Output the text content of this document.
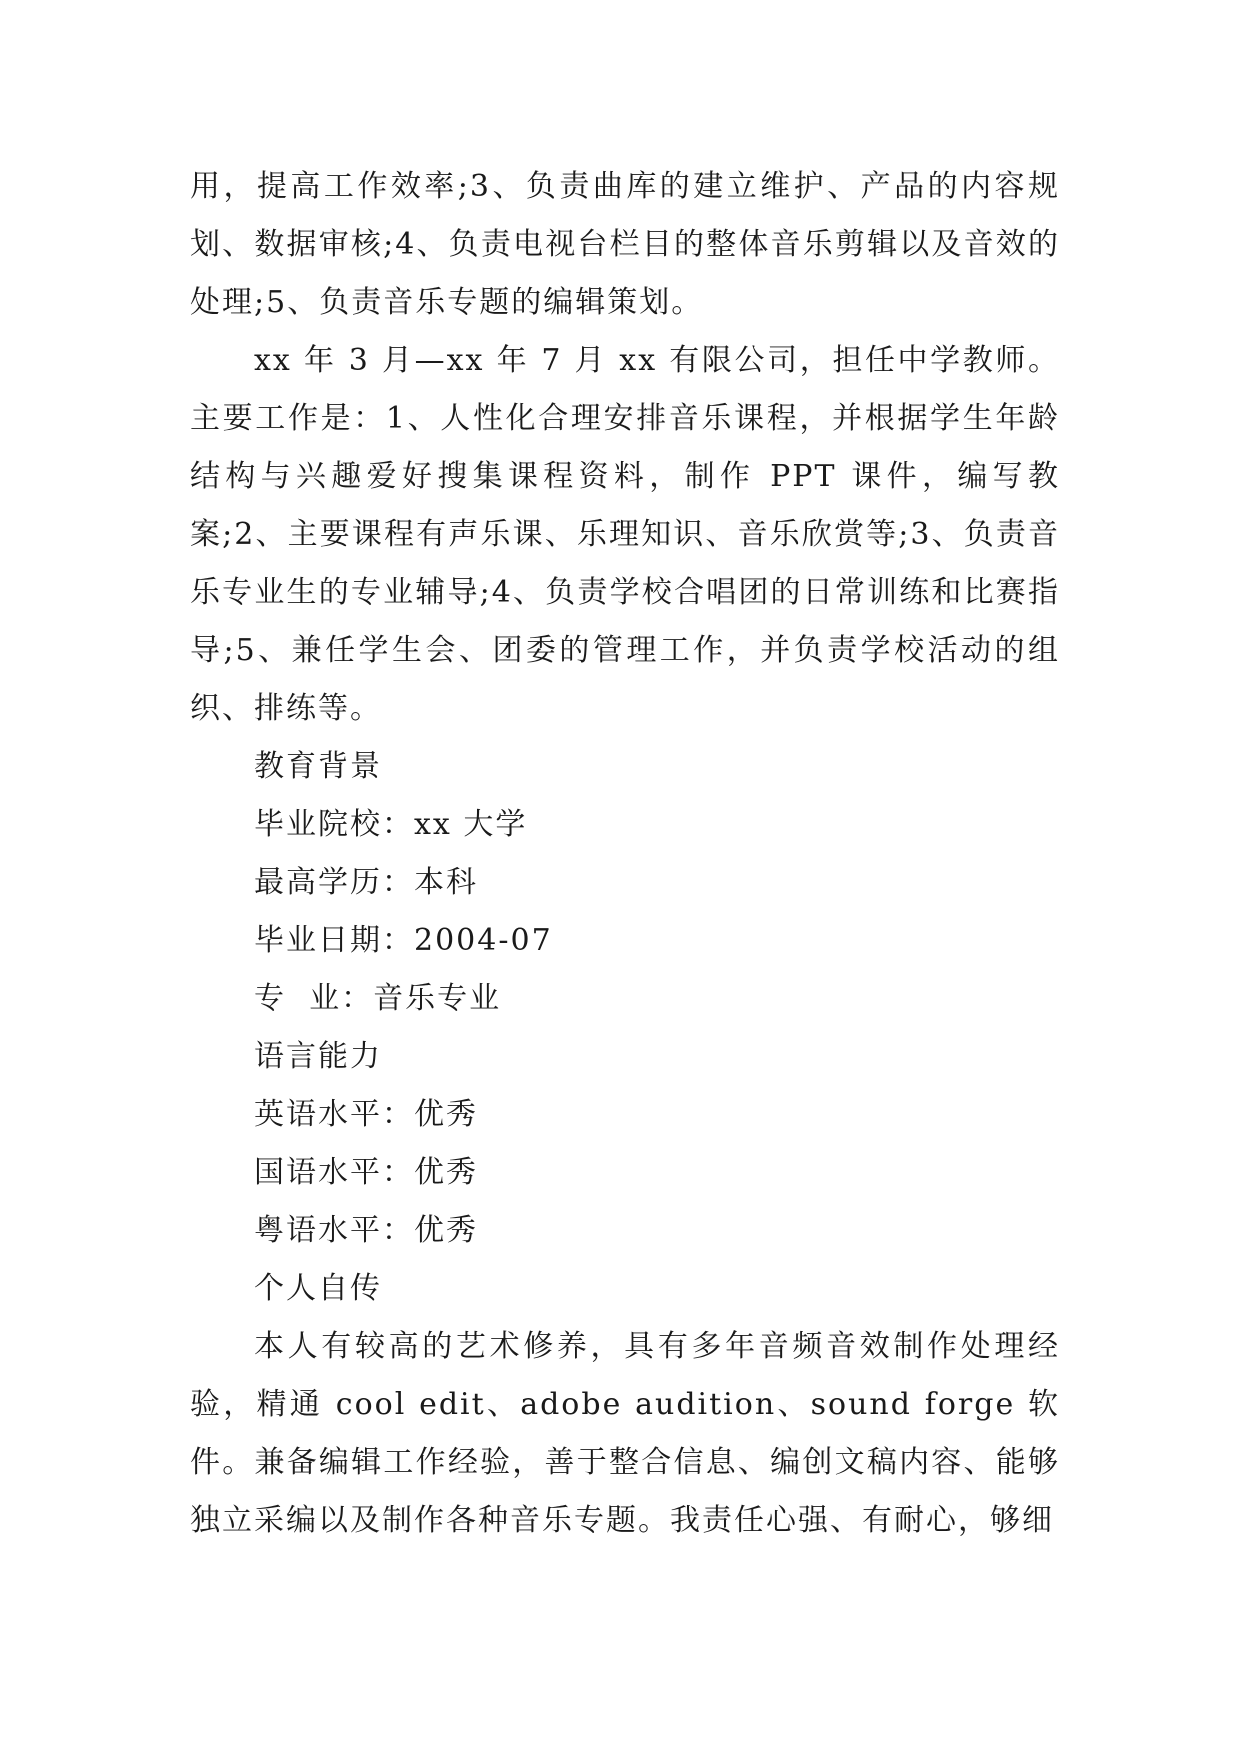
用，提高工作效率;3、负责曲库的建立维护、产品的内容规划、数据审核;4、负责电视台栏目的整体音乐剪辑以及音效的处理;5、负责音乐专题的编辑策划。

xx 年 3 月—xx 年 7 月 xx 有限公司，担任中学教师。主要工作是：1、人性化合理安排音乐课程，并根据学生年龄结构与兴趣爱好搜集课程资料，制作 PPT 课件，编写教案;2、主要课程有声乐课、乐理知识、音乐欣赏等;3、负责音乐专业生的专业辅导;4、负责学校合唱团的日常训练和比赛指导;5、兼任学生会、团委的管理工作，并负责学校活动的组织、排练等。

教育背景

毕业院校：xx 大学

最高学历：本科

毕业日期：2004-07

专  业：音乐专业

语言能力

英语水平：优秀

国语水平：优秀

粤语水平：优秀

个人自传

本人有较高的艺术修养，具有多年音频音效制作处理经验，精通 cool edit、adobe audition、sound forge 软件。兼备编辑工作经验，善于整合信息、编创文稿内容、能够独立采编以及制作各种音乐专题。我责任心强、有耐心，够细
